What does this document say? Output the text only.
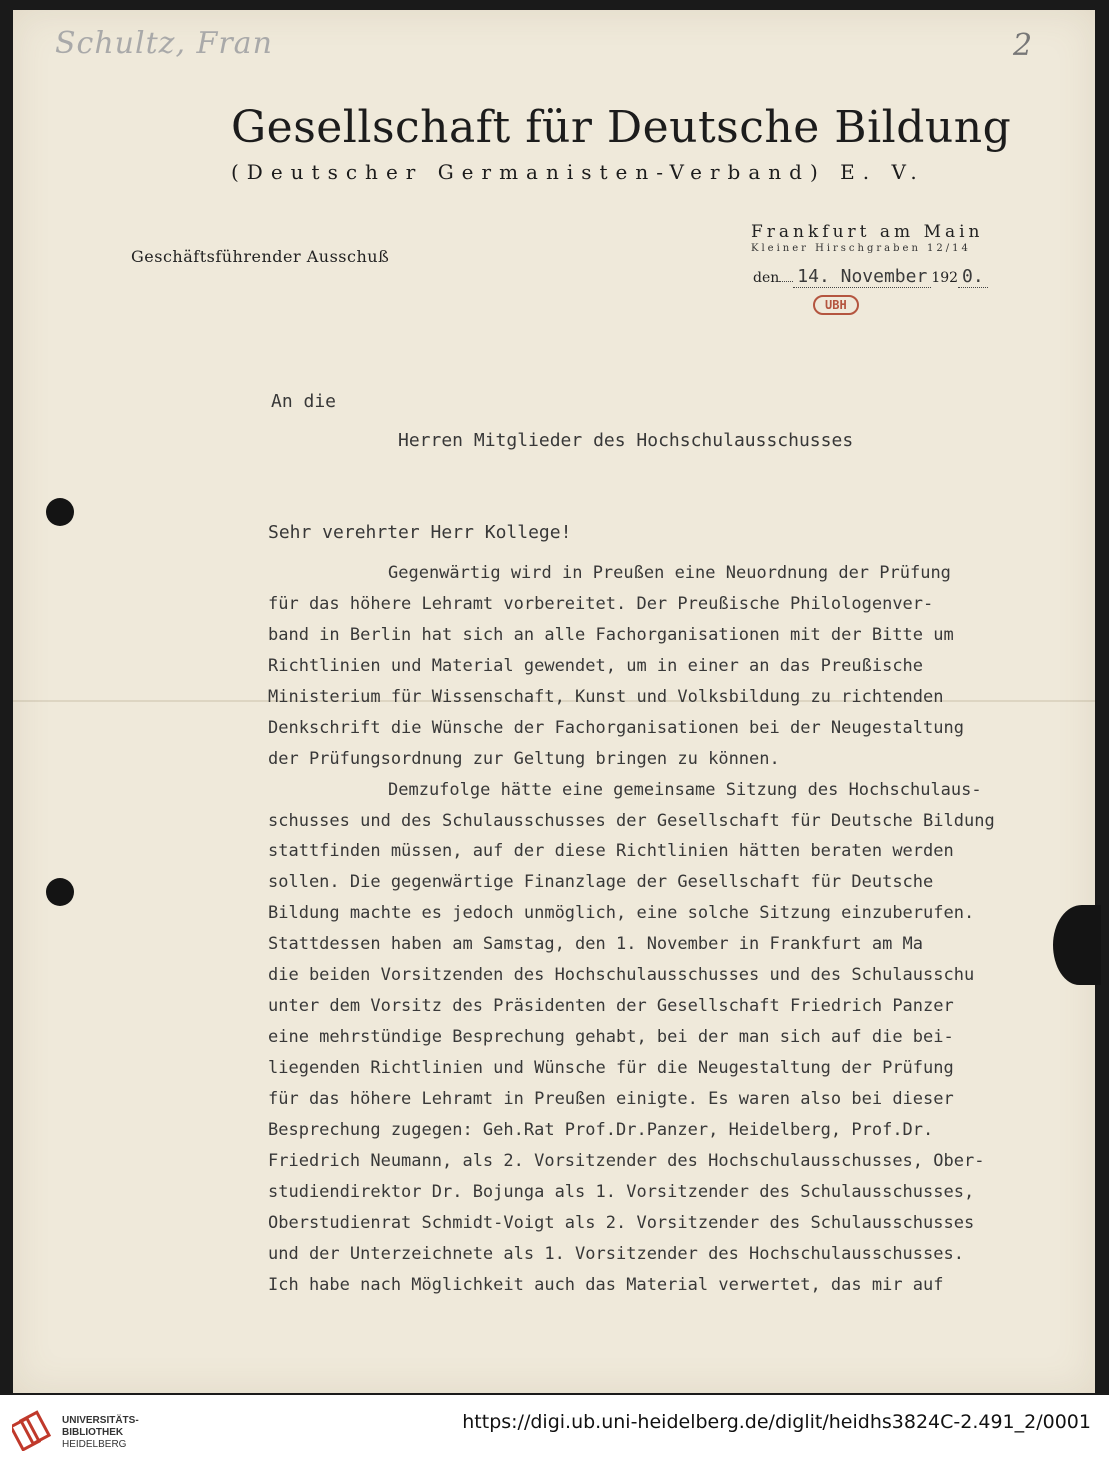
Schultz, Fran	2
Gesellschaft für Deutsche Bildung
(Deutscher Germanisten-Verband) E. V.
Geschäftsführender Ausschuß
Frankfurt am Main
Kleiner Hirschgraben 12/14
den 14. November 192 0.
UBH
An die
Herren Mitglieder des Hochschulausschusses
Sehr verehrter Herr Kollege!
Gegenwärtig wird in Preußen eine Neuordnung der Prüfung
für das höhere Lehramt vorbereitet. Der Preußische Philologenver-
band in Berlin hat sich an alle Fachorganisationen mit der Bitte um
Richtlinien und Material gewendet, um in einer an das Preußische
Ministerium für Wissenschaft, Kunst und Volksbildung zu richtenden
Denkschrift die Wünsche der Fachorganisationen bei der Neugestaltung
der Prüfungsordnung zur Geltung bringen zu können.
Demzufolge hätte eine gemeinsame Sitzung des Hochschulaus-
schusses und des Schulausschusses der Gesellschaft für Deutsche Bildung
stattfinden müssen, auf der diese Richtlinien hätten beraten werden
sollen. Die gegenwärtige Finanzlage der Gesellschaft für Deutsche
Bildung machte es jedoch unmöglich, eine solche Sitzung einzuberufen.
Stattdessen haben am Samstag, den 1. November in Frankfurt am Ma
die beiden Vorsitzenden des Hochschulausschusses und des Schulausschu
unter dem Vorsitz des Präsidenten der Gesellschaft Friedrich Panzer
eine mehrstündige Besprechung gehabt, bei der man sich auf die bei-
liegenden Richtlinien und Wünsche für die Neugestaltung der Prüfung
für das höhere Lehramt in Preußen einigte. Es waren also bei dieser
Besprechung zugegen: Geh.Rat Prof.Dr.Panzer, Heidelberg, Prof.Dr.
Friedrich Neumann, als 2. Vorsitzender des Hochschulausschusses, Ober-
studiendirektor Dr. Bojunga als 1. Vorsitzender des Schulausschusses,
Oberstudienrat Schmidt-Voigt als 2. Vorsitzender des Schulausschusses
und der Unterzeichnete als 1. Vorsitzender des Hochschulausschusses.
Ich habe nach Möglichkeit auch das Material verwertet, das mir auf
UNIVERSITÄTS-
BIBLIOTHEK
HEIDELBERG
https://digi.ub.uni-heidelberg.de/diglit/heidhs3824C-2.491_2/0001
